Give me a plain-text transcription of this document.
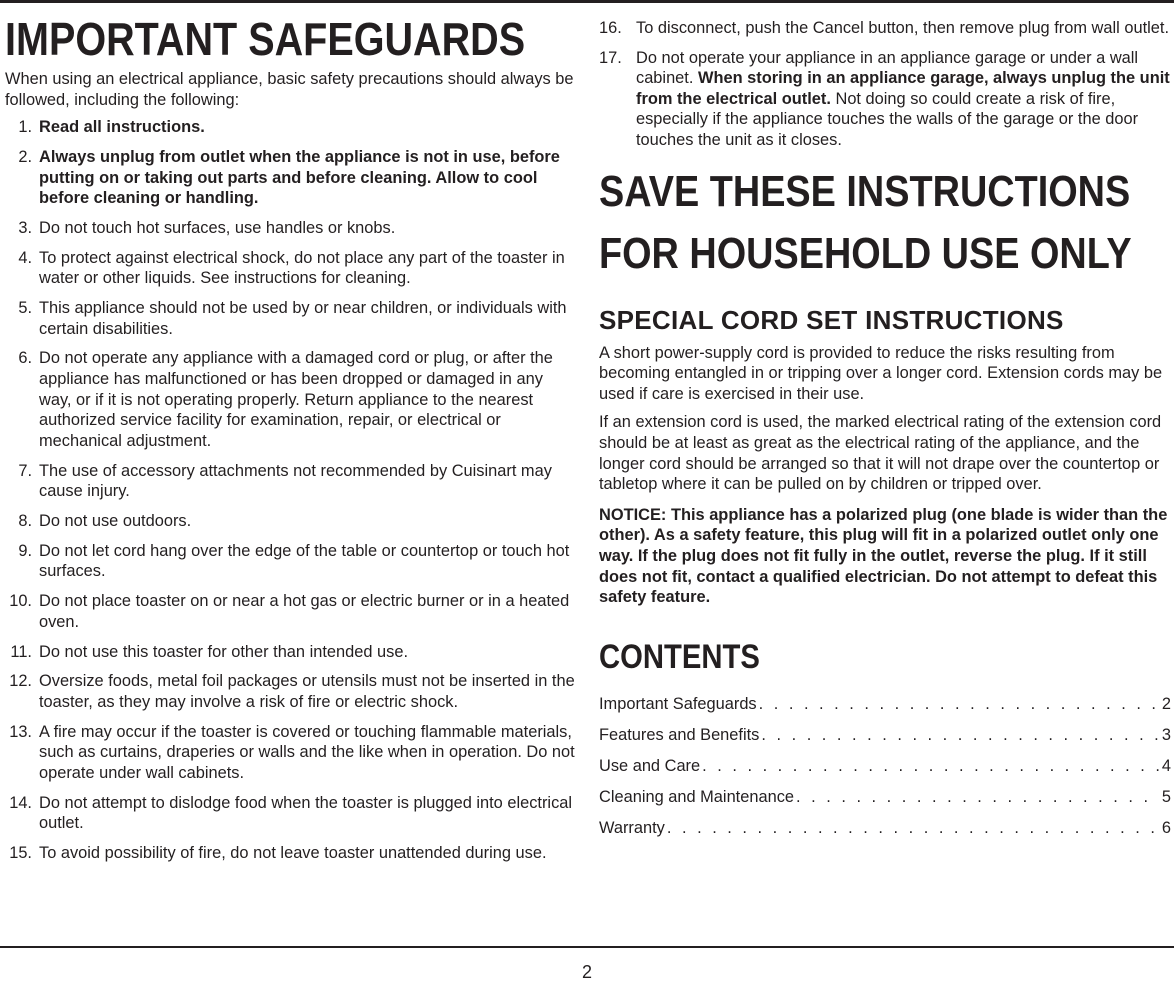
IMPORTANT SAFEGUARDS

When using an electrical appliance, basic safety precautions should always be followed, including the following:

1. Read all instructions.
2. Always unplug from outlet when the appliance is not in use, before putting on or taking out parts and before cleaning. Allow to cool before cleaning or handling.
3. Do not touch hot surfaces, use handles or knobs.
4. To protect against electrical shock, do not place any part of the toaster in water or other liquids. See instructions for cleaning.
5. This appliance should not be used by or near children, or individuals with certain disabilities.
6. Do not operate any appliance with a damaged cord or plug, or after the appliance has malfunctioned or has been dropped or damaged in any way, or if it is not operating properly. Return appliance to the nearest authorized service facility for examination, repair, or electrical or mechanical adjustment.
7. The use of accessory attachments not recommended by Cuisinart may cause injury.
8. Do not use outdoors.
9. Do not let cord hang over the edge of the table or countertop or touch hot surfaces.
10. Do not place toaster on or near a hot gas or electric burner or in a heated oven.
11. Do not use this toaster for other than intended use.
12. Oversize foods, metal foil packages or utensils must not be inserted in the toaster, as they may involve a risk of fire or electric shock.
13. A fire may occur if the toaster is covered or touching flammable materials, such as curtains, draperies or walls and the like when in operation. Do not operate under wall cabinets.
14. Do not attempt to dislodge food when the toaster is plugged into electrical outlet.
15. To avoid possibility of fire, do not leave toaster unattended during use.
16. To disconnect, push the Cancel button, then remove plug from wall outlet.
17. Do not operate your appliance in an appliance garage or under a wall cabinet. When storing in an appliance garage, always unplug the unit from the electrical outlet. Not doing so could create a risk of fire, especially if the appliance touches the walls of the garage or the door touches the unit as it closes.
SAVE THESE INSTRUCTIONS
FOR HOUSEHOLD USE ONLY
SPECIAL CORD SET INSTRUCTIONS

A short power-supply cord is provided to reduce the risks resulting from becoming entangled in or tripping over a longer cord. Extension cords may be used if care is exercised in their use.

If an extension cord is used, the marked electrical rating of the extension cord should be at least as great as the electrical rating of the appliance, and the longer cord should be arranged so that it will not drape over the countertop or tabletop where it can be pulled on by children or tripped over.

NOTICE: This appliance has a polarized plug (one blade is wider than the other). As a safety feature, this plug will fit in a polarized outlet only one way. If the plug does not fit fully in the outlet, reverse the plug. If it still does not fit, contact a qualified electrician. Do not attempt to defeat this safety feature.

CONTENTS
Important Safeguards . . .	2
Features and Benefits . . .	3
Use and Care . . .	4
Cleaning and Maintenance . . .	5
Warranty . . .	6
2
